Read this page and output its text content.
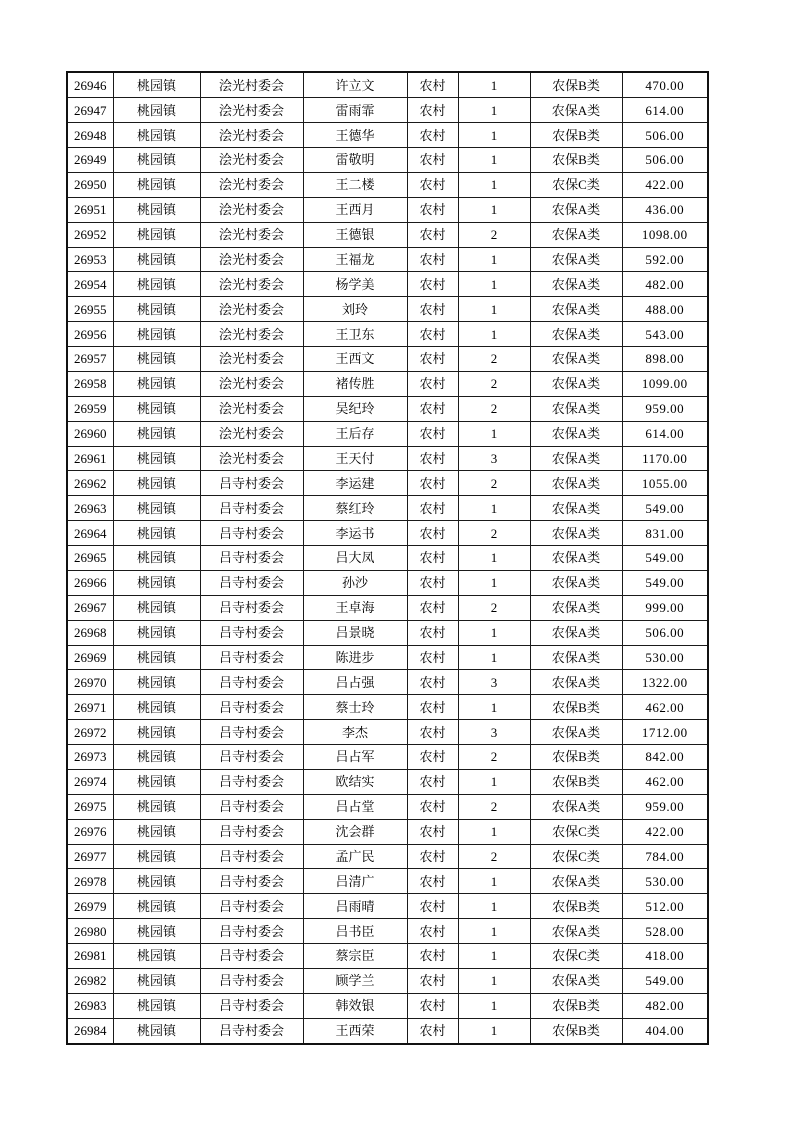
26946	桃园镇	浍光村委会	许立文	农村	1	农保B类	470.00
26947	桃园镇	浍光村委会	雷雨霏	农村	1	农保A类	614.00
26948	桃园镇	浍光村委会	王德华	农村	1	农保B类	506.00
26949	桃园镇	浍光村委会	雷敬明	农村	1	农保B类	506.00
26950	桃园镇	浍光村委会	王二楼	农村	1	农保C类	422.00
26951	桃园镇	浍光村委会	王西月	农村	1	农保A类	436.00
26952	桃园镇	浍光村委会	王德银	农村	2	农保A类	1098.00
26953	桃园镇	浍光村委会	王福龙	农村	1	农保A类	592.00
26954	桃园镇	浍光村委会	杨学美	农村	1	农保A类	482.00
26955	桃园镇	浍光村委会	刘玲	农村	1	农保A类	488.00
26956	桃园镇	浍光村委会	王卫东	农村	1	农保A类	543.00
26957	桃园镇	浍光村委会	王西文	农村	2	农保A类	898.00
26958	桃园镇	浍光村委会	褚传胜	农村	2	农保A类	1099.00
26959	桃园镇	浍光村委会	吴纪玲	农村	2	农保A类	959.00
26960	桃园镇	浍光村委会	王后存	农村	1	农保A类	614.00
26961	桃园镇	浍光村委会	王天付	农村	3	农保A类	1170.00
26962	桃园镇	吕寺村委会	李运建	农村	2	农保A类	1055.00
26963	桃园镇	吕寺村委会	蔡红玲	农村	1	农保A类	549.00
26964	桃园镇	吕寺村委会	李运书	农村	2	农保A类	831.00
26965	桃园镇	吕寺村委会	吕大凤	农村	1	农保A类	549.00
26966	桃园镇	吕寺村委会	孙沙	农村	1	农保A类	549.00
26967	桃园镇	吕寺村委会	王卓海	农村	2	农保A类	999.00
26968	桃园镇	吕寺村委会	吕景晓	农村	1	农保A类	506.00
26969	桃园镇	吕寺村委会	陈进步	农村	1	农保A类	530.00
26970	桃园镇	吕寺村委会	吕占强	农村	3	农保A类	1322.00
26971	桃园镇	吕寺村委会	蔡士玲	农村	1	农保B类	462.00
26972	桃园镇	吕寺村委会	李杰	农村	3	农保A类	1712.00
26973	桃园镇	吕寺村委会	吕占军	农村	2	农保B类	842.00
26974	桃园镇	吕寺村委会	欧结实	农村	1	农保B类	462.00
26975	桃园镇	吕寺村委会	吕占堂	农村	2	农保A类	959.00
26976	桃园镇	吕寺村委会	沈会群	农村	1	农保C类	422.00
26977	桃园镇	吕寺村委会	孟广民	农村	2	农保C类	784.00
26978	桃园镇	吕寺村委会	吕清广	农村	1	农保A类	530.00
26979	桃园镇	吕寺村委会	吕雨晴	农村	1	农保B类	512.00
26980	桃园镇	吕寺村委会	吕书臣	农村	1	农保A类	528.00
26981	桃园镇	吕寺村委会	蔡宗臣	农村	1	农保C类	418.00
26982	桃园镇	吕寺村委会	顾学兰	农村	1	农保A类	549.00
26983	桃园镇	吕寺村委会	韩效银	农村	1	农保B类	482.00
26984	桃园镇	吕寺村委会	王西荣	农村	1	农保B类	404.00
